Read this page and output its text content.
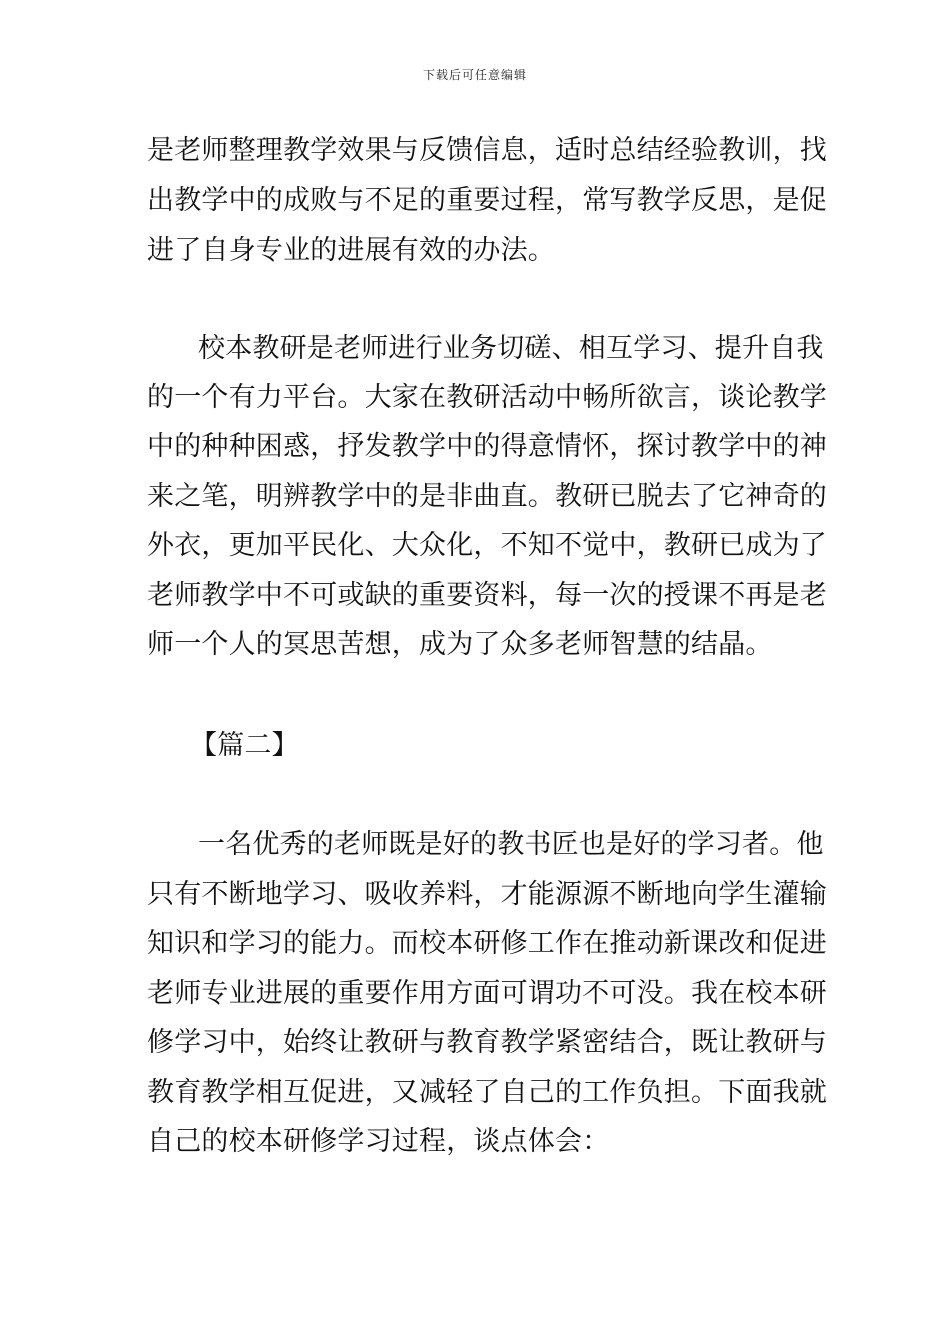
下载后可任意编辑
是老师整理教学效果与反馈信息，适时总结经验教训，找
出教学中的成败与不足的重要过程，常写教学反思，是促
进了自身专业的进展有效的办法。
校本教研是老师进行业务切磋、相互学习、提升自我
的一个有力平台。大家在教研活动中畅所欲言，谈论教学
中的种种困惑，抒发教学中的得意情怀，探讨教学中的神
来之笔，明辨教学中的是非曲直。教研已脱去了它神奇的
外衣，更加平民化、大众化，不知不觉中，教研已成为了
老师教学中不可或缺的重要资料，每一次的授课不再是老
师一个人的冥思苦想，成为了众多老师智慧的结晶。
【篇二】
一名优秀的老师既是好的教书匠也是好的学习者。他
只有不断地学习、吸收养料，才能源源不断地向学生灌输
知识和学习的能力。而校本研修工作在推动新课改和促进
老师专业进展的重要作用方面可谓功不可没。我在校本研
修学习中，始终让教研与教育教学紧密结合，既让教研与
教育教学相互促进，又减轻了自己的工作负担。下面我就
自己的校本研修学习过程，谈点体会：
